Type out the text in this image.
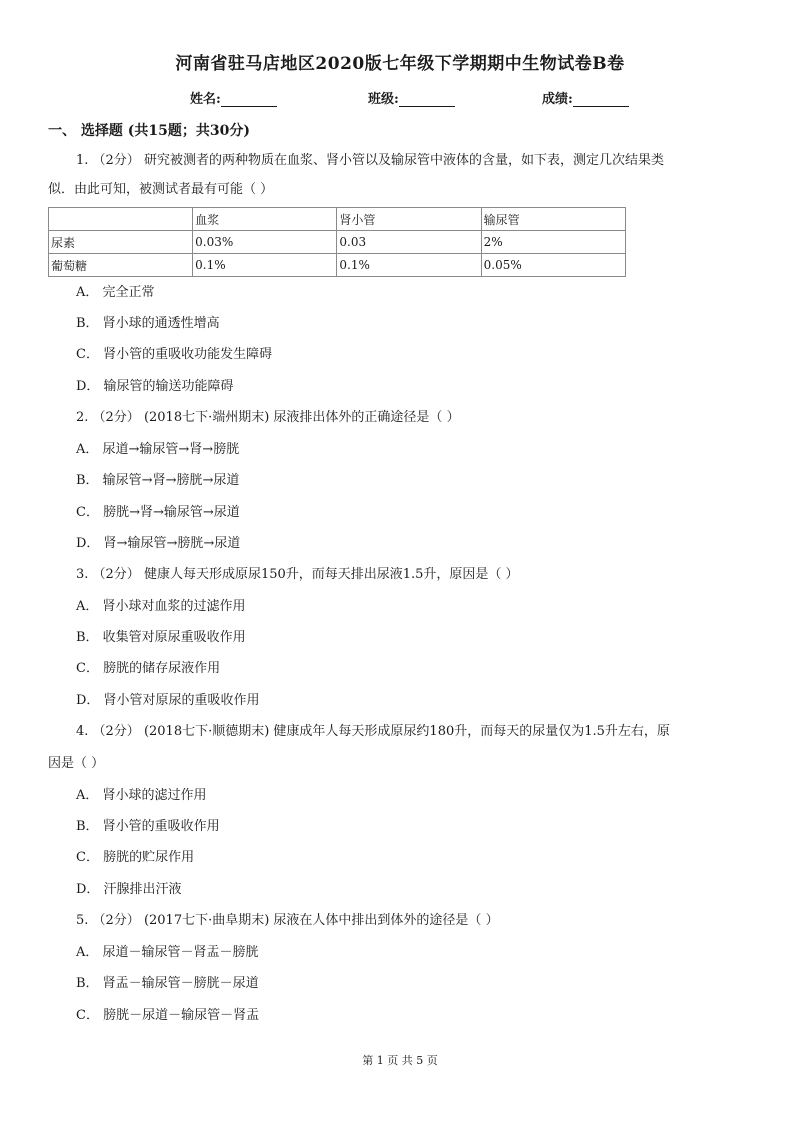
河南省驻马店地区2020版七年级下学期期中生物试卷B卷
姓名:	班级:	成绩:
一、 选择题 (共15题；共30分)
1. （2分） 研究被测者的两种物质在血浆、肾小管以及输尿管中液体的含量，如下表，测定几次结果类
似．由此可知，被测试者最有可能（ ）
	血浆	肾小管	输尿管
尿素	0.03%	0.03	2%
葡萄糖	0.1%	0.1%	0.05%
A． 完全正常
B． 肾小球的通透性增高
C． 肾小管的重吸收功能发生障碍
D． 输尿管的输送功能障碍
2. （2分） (2018七下·端州期末) 尿液排出体外的正确途径是（ ）
A． 尿道→输尿管→肾→膀胱
B． 输尿管→肾→膀胱→尿道
C． 膀胱→肾→输尿管→尿道
D． 肾→输尿管→膀胱→尿道
3. （2分） 健康人每天形成原尿150升，而每天排出尿液1.5升，原因是（ ）
A． 肾小球对血浆的过滤作用
B． 收集管对原尿重吸收作用
C． 膀胱的储存尿液作用
D． 肾小管对原尿的重吸收作用
4. （2分） (2018七下·顺德期末) 健康成年人每天形成原尿约180升，而每天的尿量仅为1.5升左右，原
因是（ ）
A． 肾小球的滤过作用
B． 肾小管的重吸收作用
C． 膀胱的贮尿作用
D． 汗腺排出汗液
5. （2分） (2017七下·曲阜期末) 尿液在人体中排出到体外的途径是（ ）
A． 尿道－输尿管－肾盂－膀胱
B． 肾盂－输尿管－膀胱－尿道
C． 膀胱－尿道－输尿管－肾盂
第 1 页 共 5 页
